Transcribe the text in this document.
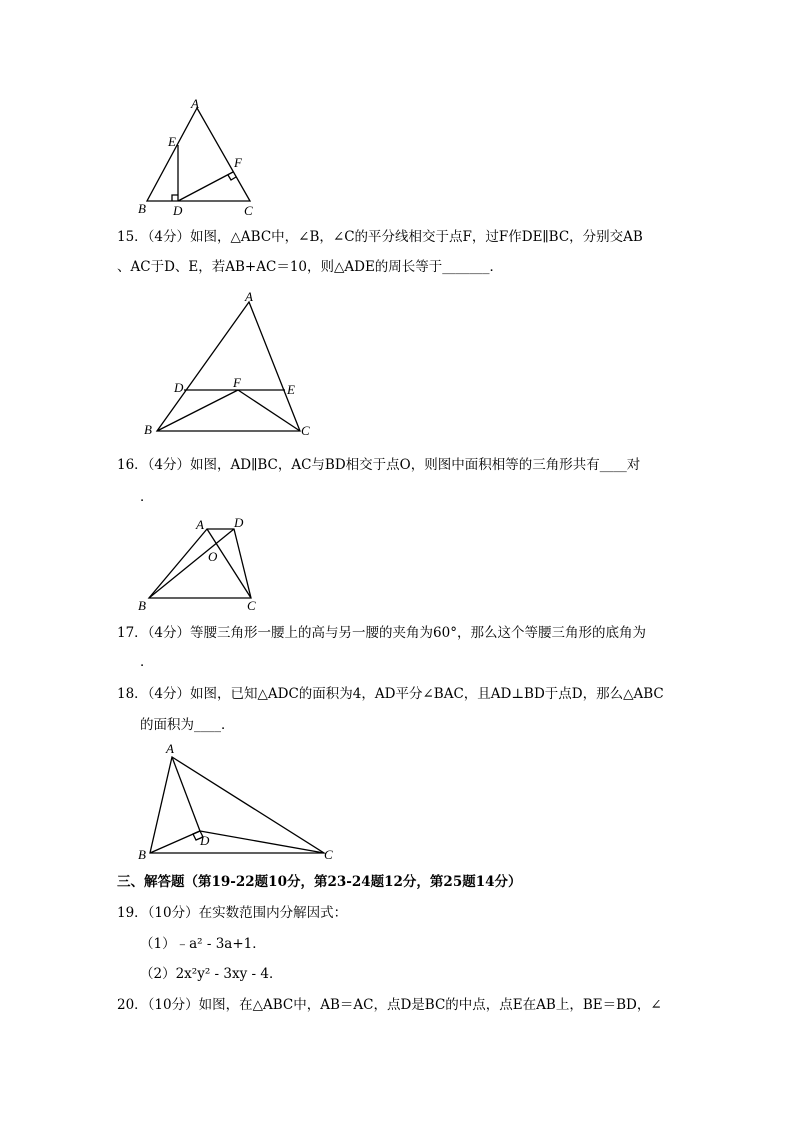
A
E
F
B D	C
15．（4分）如图，△ABC中，∠B，∠C的平分线相交于点F，过F作DE∥BC，分别交AB
、AC于D、E，若AB+AC＝10，则△ADE的周长等于_______．
A
D	F	E
B	C
16．（4分）如图，AD∥BC，AC与BD相交于点O，则图中面积相等的三角形共有____对
．
A D
O
B	C
17．（4分）等腰三角形一腰上的高与另一腰的夹角为60°，那么这个等腰三角形的底角为
．
18．（4分）如图，已知△ADC的面积为4，AD平分∠BAC，且AD⊥BD于点D，那么△ABC
的面积为____．
A
D
B	C
三、解答题（第19-22题10分，第23-24题12分，第25题14分）
19．（10分）在实数范围内分解因式：
（1）﹣a² - 3a+1．
（2）2x²y² - 3xy - 4．
20．（10分）如图，在△ABC中，AB＝AC，点D是BC的中点，点E在AB上，BE＝BD，∠
